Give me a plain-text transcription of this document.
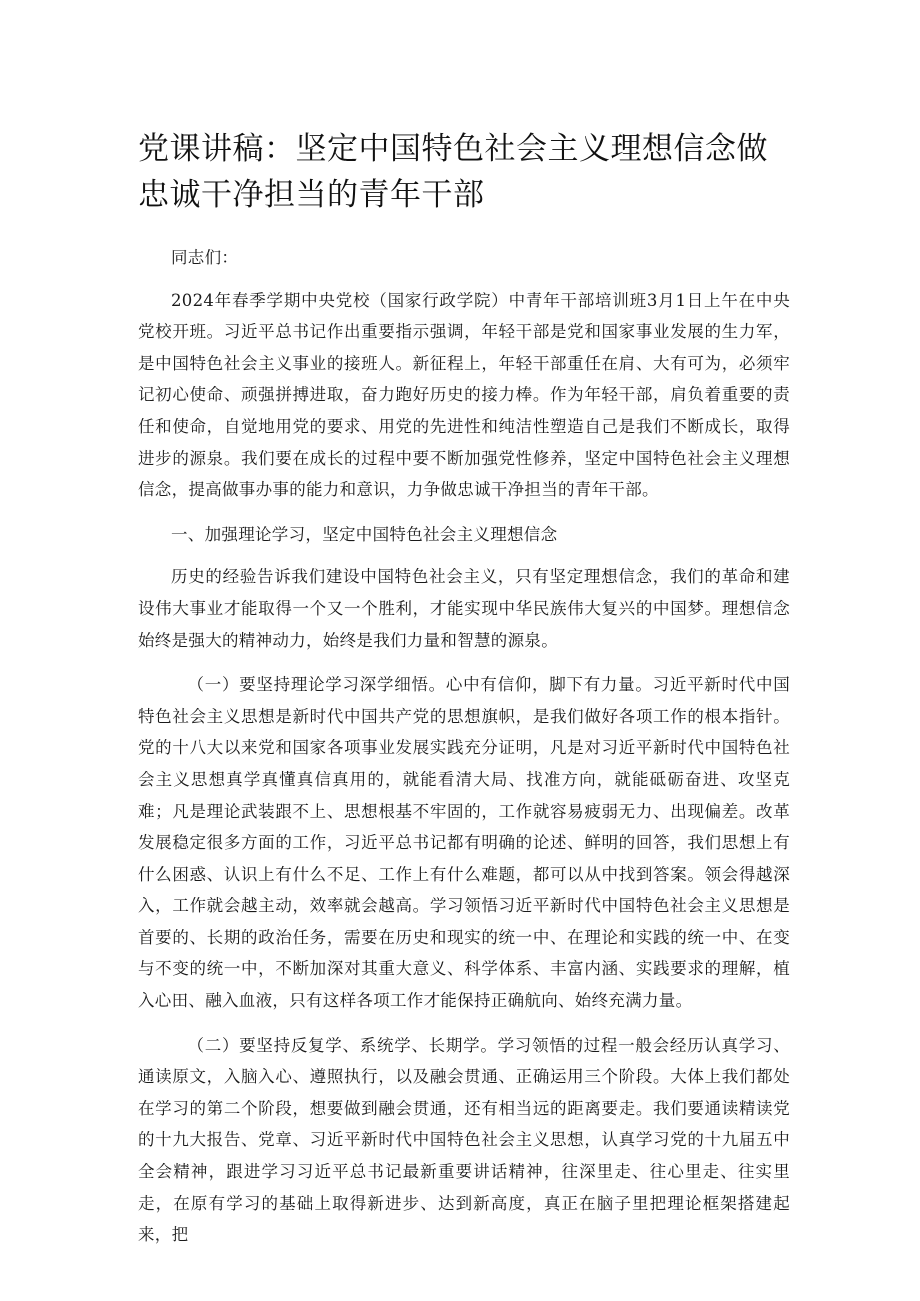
党课讲稿：坚定中国特色社会主义理想信念做忠诚干净担当的青年干部

同志们：

2024年春季学期中央党校（国家行政学院）中青年干部培训班3月1日上午在中央党校开班。习近平总书记作出重要指示强调，年轻干部是党和国家事业发展的生力军，是中国特色社会主义事业的接班人。新征程上，年轻干部重任在肩、大有可为，必须牢记初心使命、顽强拼搏进取，奋力跑好历史的接力棒。作为年轻干部，肩负着重要的责任和使命，自觉地用党的要求、用党的先进性和纯洁性塑造自己是我们不断成长，取得进步的源泉。我们要在成长的过程中要不断加强党性修养，坚定中国特色社会主义理想信念，提高做事办事的能力和意识，力争做忠诚干净担当的青年干部。

一、加强理论学习，坚定中国特色社会主义理想信念

历史的经验告诉我们建设中国特色社会主义，只有坚定理想信念，我们的革命和建设伟大事业才能取得一个又一个胜利，才能实现中华民族伟大复兴的中国梦。理想信念始终是强大的精神动力，始终是我们力量和智慧的源泉。

（一）要坚持理论学习深学细悟。心中有信仰，脚下有力量。习近平新时代中国特色社会主义思想是新时代中国共产党的思想旗帜，是我们做好各项工作的根本指针。党的十八大以来党和国家各项事业发展实践充分证明，凡是对习近平新时代中国特色社会主义思想真学真懂真信真用的，就能看清大局、找准方向，就能砥砺奋进、攻坚克难；凡是理论武装跟不上、思想根基不牢固的，工作就容易疲弱无力、出现偏差。改革发展稳定很多方面的工作，习近平总书记都有明确的论述、鲜明的回答，我们思想上有什么困惑、认识上有什么不足、工作上有什么难题，都可以从中找到答案。领会得越深入，工作就会越主动，效率就会越高。学习领悟习近平新时代中国特色社会主义思想是首要的、长期的政治任务，需要在历史和现实的统一中、在理论和实践的统一中、在变与不变的统一中，不断加深对其重大意义、科学体系、丰富内涵、实践要求的理解，植入心田、融入血液，只有这样各项工作才能保持正确航向、始终充满力量。

（二）要坚持反复学、系统学、长期学。学习领悟的过程一般会经历认真学习、通读原文，入脑入心、遵照执行，以及融会贯通、正确运用三个阶段。大体上我们都处在学习的第二个阶段，想要做到融会贯通，还有相当远的距离要走。我们要通读精读党的十九大报告、党章、习近平新时代中国特色社会主义思想，认真学习党的十九届五中全会精神，跟进学习习近平总书记最新重要讲话精神，往深里走、往心里走、往实里走，在原有学习的基础上取得新进步、达到新高度，真正在脑子里把理论框架搭建起来，把
